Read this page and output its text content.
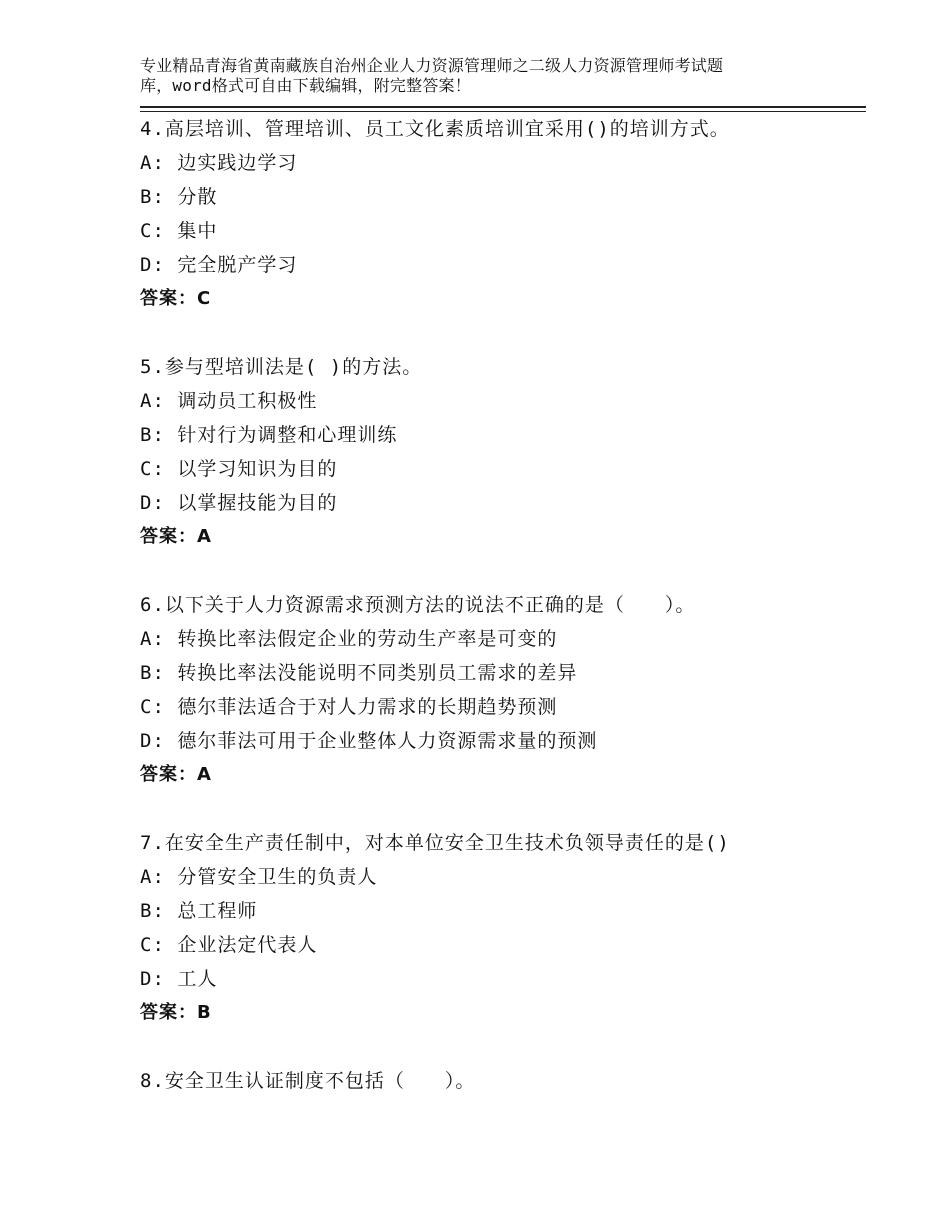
专业精品青海省黄南藏族自治州企业人力资源管理师之二级人力资源管理师考试题
库，word格式可自由下载编辑，附完整答案！
4.高层培训、管理培训、员工文化素质培训宜采用()的培训方式。
A: 边实践边学习
B: 分散
C: 集中
D: 完全脱产学习
答案：C
5.参与型培训法是( )的方法。
A: 调动员工积极性
B: 针对行为调整和心理训练
C: 以学习知识为目的
D: 以掌握技能为目的
答案：A
6.以下关于人力资源需求预测方法的说法不正确的是（　　）。
A: 转换比率法假定企业的劳动生产率是可变的
B: 转换比率法没能说明不同类别员工需求的差异
C: 德尔菲法适合于对人力需求的长期趋势预测
D: 德尔菲法可用于企业整体人力资源需求量的预测
答案：A
7.在安全生产责任制中，对本单位安全卫生技术负领导责任的是()
A: 分管安全卫生的负责人
B: 总工程师
C: 企业法定代表人
D: 工人
答案：B
8.安全卫生认证制度不包括（　　）。
